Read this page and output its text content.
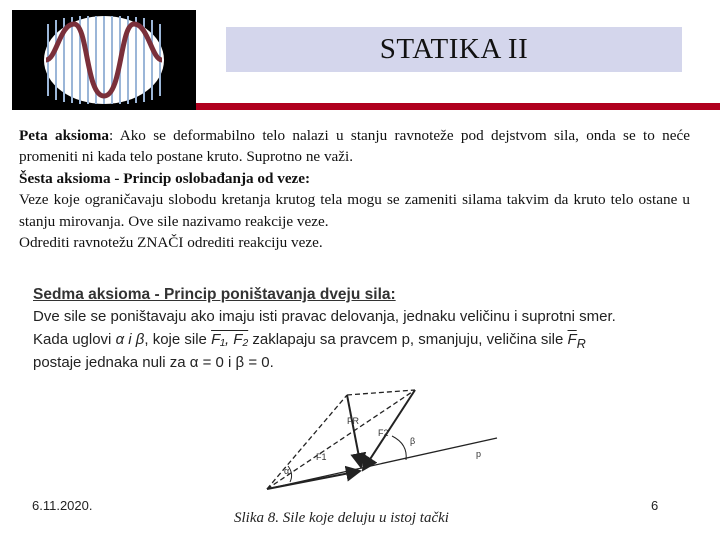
STATIKA II

Peta aksioma: Ako se deformabilno telo nalazi u stanju ravnoteže pod dejstvom sila, onda se to neće promeniti ni kada telo postane kruto. Suprotno ne važi.

Šesta aksioma - Princip oslobađanja od veze:

Veze koje ograničavaju slobodu kretanja krutog tela mogu se zameniti silama takvim da kruto telo ostane u stanju mirovanja. Ove sile nazivamo reakcije veze.

Odrediti ravnotežu ZNAČI odrediti reakciju veze.

Sedma aksioma - Princip poništavanja dvеju sila:
Dve sile se poništavaju ako imaju isti pravac delovanja, jednaku veličinu i suprotni smer.
Kada uglovi α i β, koje sile F₁, F₂ zaklapaju sa pravcem p, smanjuju, veličina sile $\overline{F}_R$
postaje jednaka nuli za α = 0 i β = 0.
FR
F2
F1
α
β
p
Slika 8. Sile koje deluju u istoj tački
6.11.2020.	6
